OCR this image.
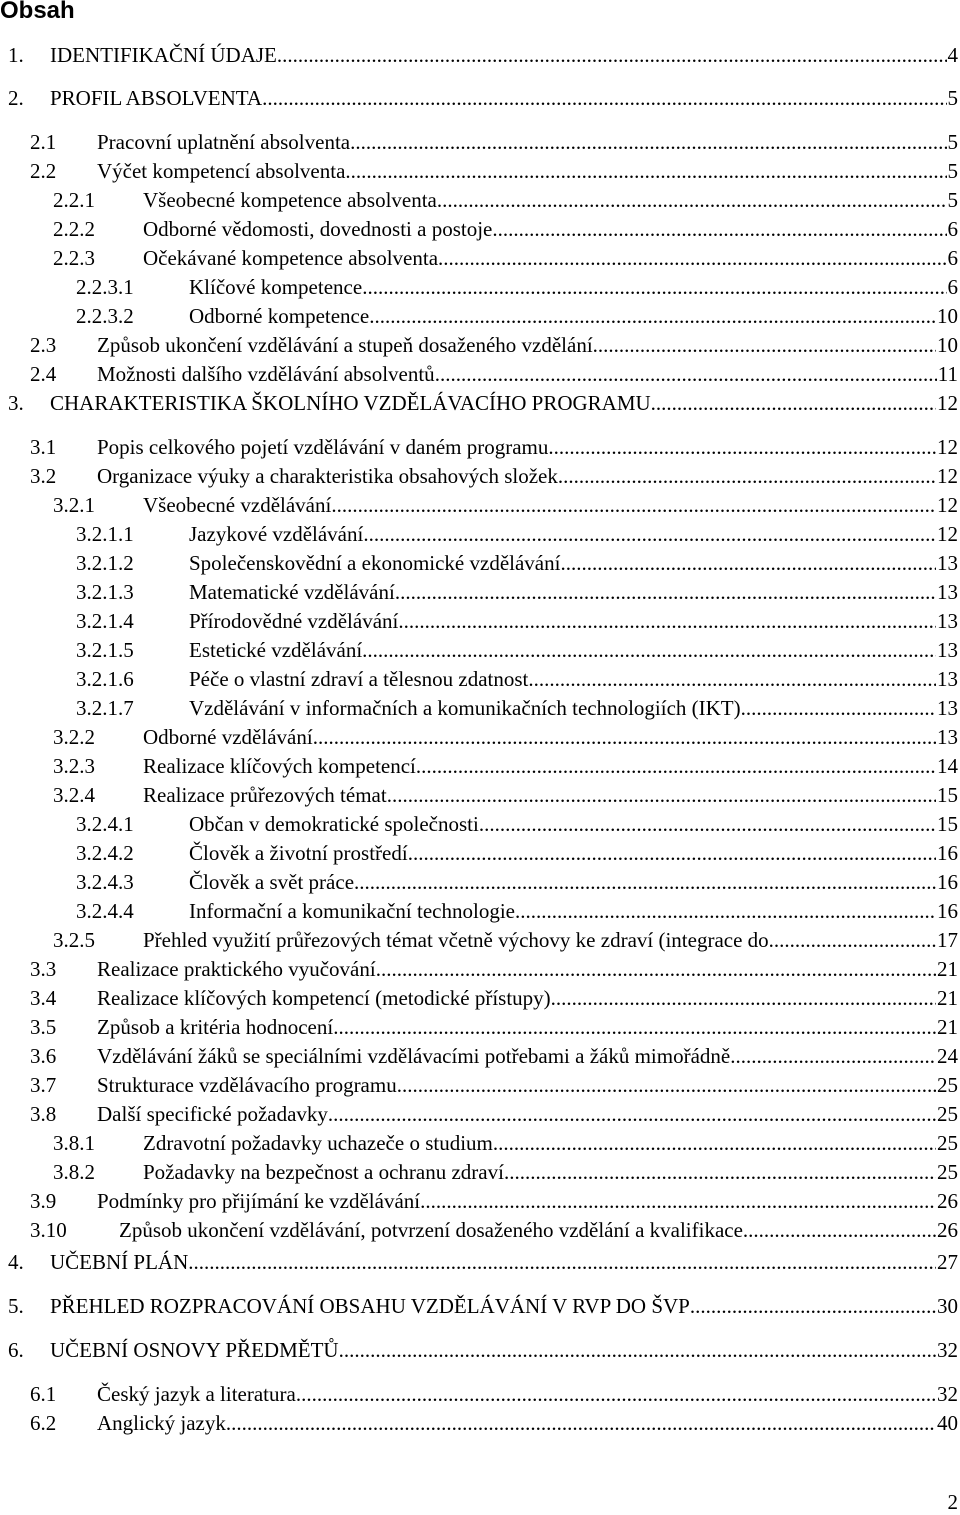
Obsah
1. IDENTIFIKAČNÍ ÚDAJE .....	4
2. PROFIL ABSOLVENTA .....	5
2.1 Pracovní uplatnění absolventa .....	5
2.2 Výčet kompetencí absolventa .....	5
2.2.1 Všeobecné kompetence absolventa .....	5
2.2.2 Odborné vědomosti, dovednosti a postoje .....	6
2.2.3 Očekávané kompetence absolventa .....	6
2.2.3.1	Klíčové kompetence .....	6
2.2.3.2	Odborné kompetence .....	10
2.3 Způsob ukončení vzdělávání a stupeň dosaženého vzdělání .....	10
2.4 Možnosti dalšího vzdělávání absolventů .....	11
3. CHARAKTERISTIKA ŠKOLNÍHO VZDĚLÁVACÍHO PROGRAMU .....	12
3.1 Popis celkového pojetí vzdělávání v daném programu .....	12
3.2 Organizace výuky a charakteristika obsahových složek .....	12
3.2.1 Všeobecné vzdělávání .....	12
3.2.1.1	Jazykové vzdělávání .....	12
3.2.1.2	Společenskovědní a ekonomické vzdělávání .....	13
3.2.1.3	Matematické vzdělávání .....	13
3.2.1.4	Přírodovědné vzdělávání .....	13
3.2.1.5	Estetické vzdělávání .....	13
3.2.1.6	Péče o vlastní zdraví a tělesnou zdatnost .....	13
3.2.1.7	Vzdělávání v informačních a komunikačních technologiích (IKT) .....	13
3.2.2 Odborné vzdělávání .....	13
3.2.3 Realizace klíčových kompetencí .....	14
3.2.4 Realizace průřezových témat .....	15
3.2.4.1	Občan v demokratické společnosti .....	15
3.2.4.2	Člověk a životní prostředí .....	16
3.2.4.3	Člověk a svět práce .....	16
3.2.4.4	Informační a komunikační technologie .....	16
3.2.5 Přehled využití průřezových témat včetně výchovy ke zdraví (integrace do .....	17
3.3 Realizace praktického vyučování .....	21
3.4 Realizace klíčových kompetencí (metodické přístupy) .....	21
3.5 Způsob a kritéria hodnocení .....	21
3.6 Vzdělávání žáků se speciálními vzdělávacími potřebami a žáků mimořádně .....	24
3.7 Strukturace vzdělávacího programu .....	25
3.8 Další specifické požadavky .....	25
3.8.1 Zdravotní požadavky uchazeče o studium .....	25
3.8.2 Požadavky na bezpečnost a ochranu zdraví .....	25
3.9 Podmínky pro přijímání ke vzdělávání .....	26
3.10 Způsob ukončení vzdělávání, potvrzení dosaženého vzdělání a kvalifikace .....	26
4. UČEBNÍ PLÁN .....	27
5. PŘEHLED ROZPRACOVÁNÍ OBSAHU VZDĚLÁVÁNÍ V RVP DO ŠVP .....	30
6. UČEBNÍ OSNOVY PŘEDMĚTŮ .....	32
6.1 Český jazyk a literatura .....	32
6.2 Anglický jazyk .....	40
2
